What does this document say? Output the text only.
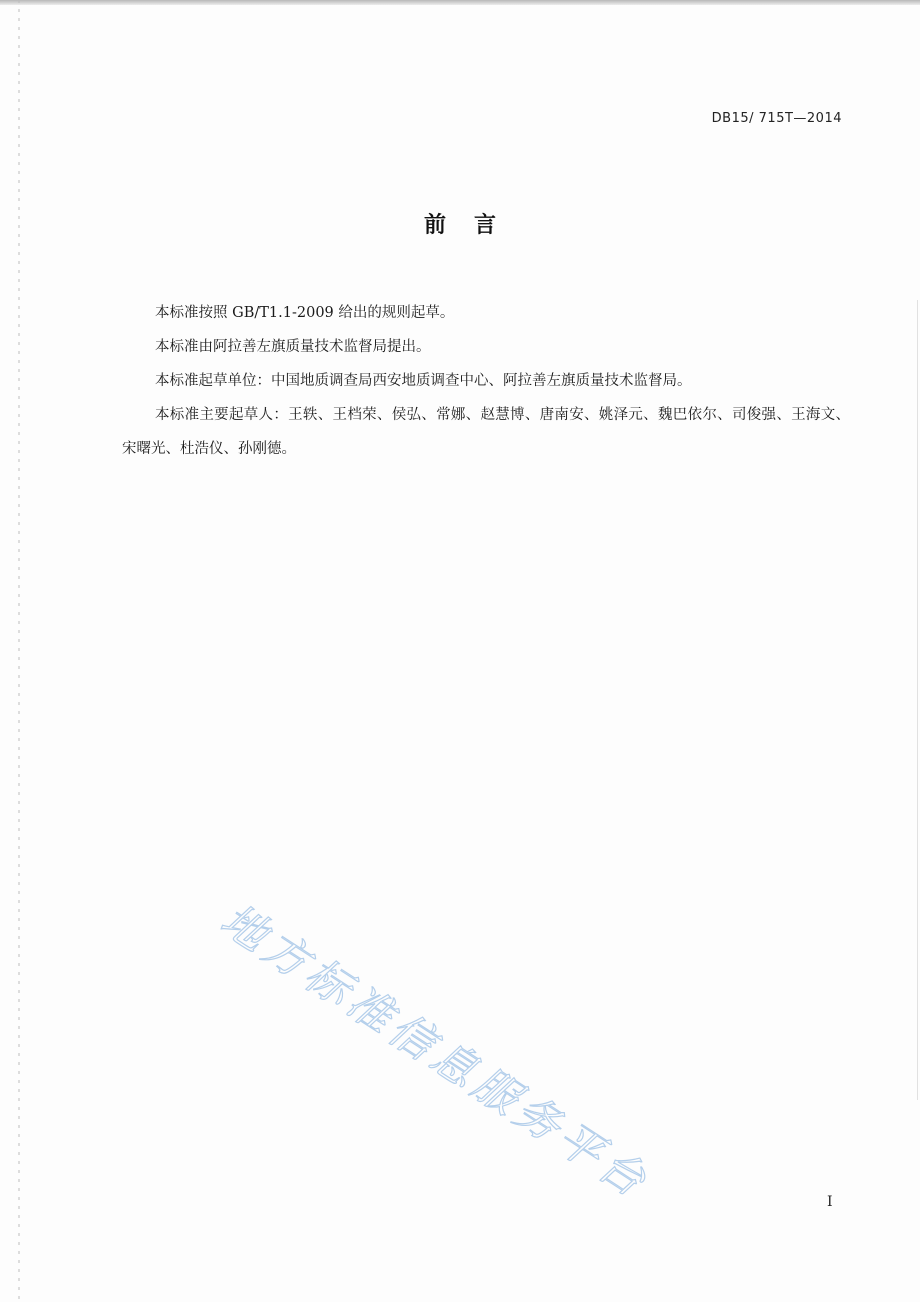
DB15/ 715T—2014
前言

本标准按照 GB/T1.1-2009 给出的规则起草。

本标准由阿拉善左旗质量技术监督局提出。

本标准起草单位：中国地质调查局西安地质调查中心、阿拉善左旗质量技术监督局。

本标准主要起草人：王轶、王档荣、侯弘、常娜、赵慧博、唐南安、姚泽元、魏巴依尔、司俊强、王海文、宋曙光、杜浩仪、孙刚德。

地方标准信息服务平台	I
